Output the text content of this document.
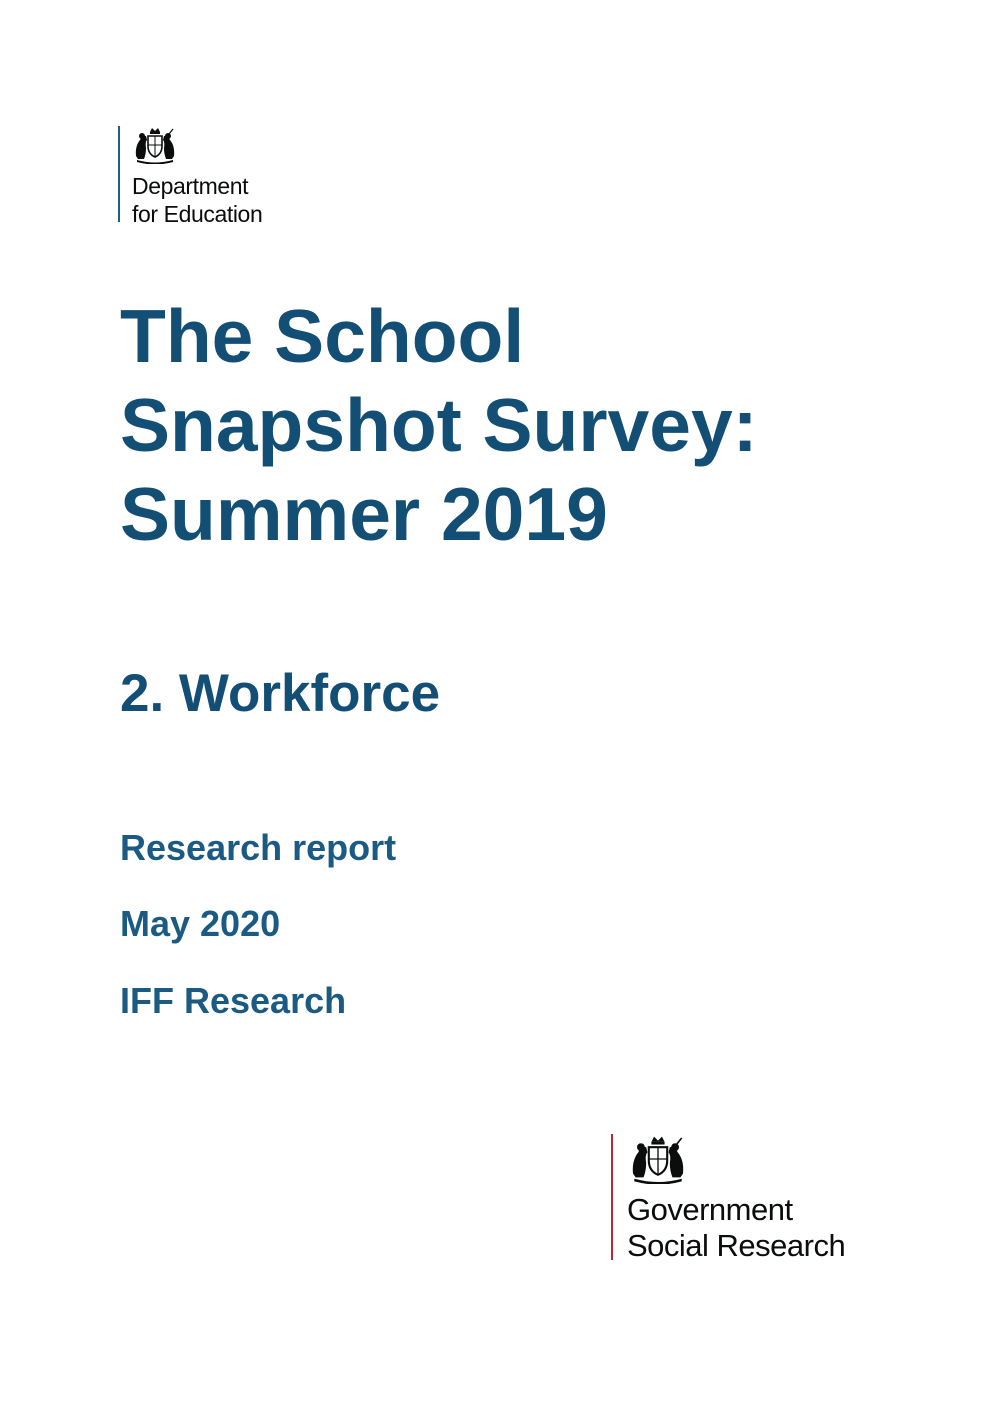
Department
for Education
The School
Snapshot Survey:
Summer 2019
2. Workforce

Research report

May 2020

IFF Research

Government
Social Research
